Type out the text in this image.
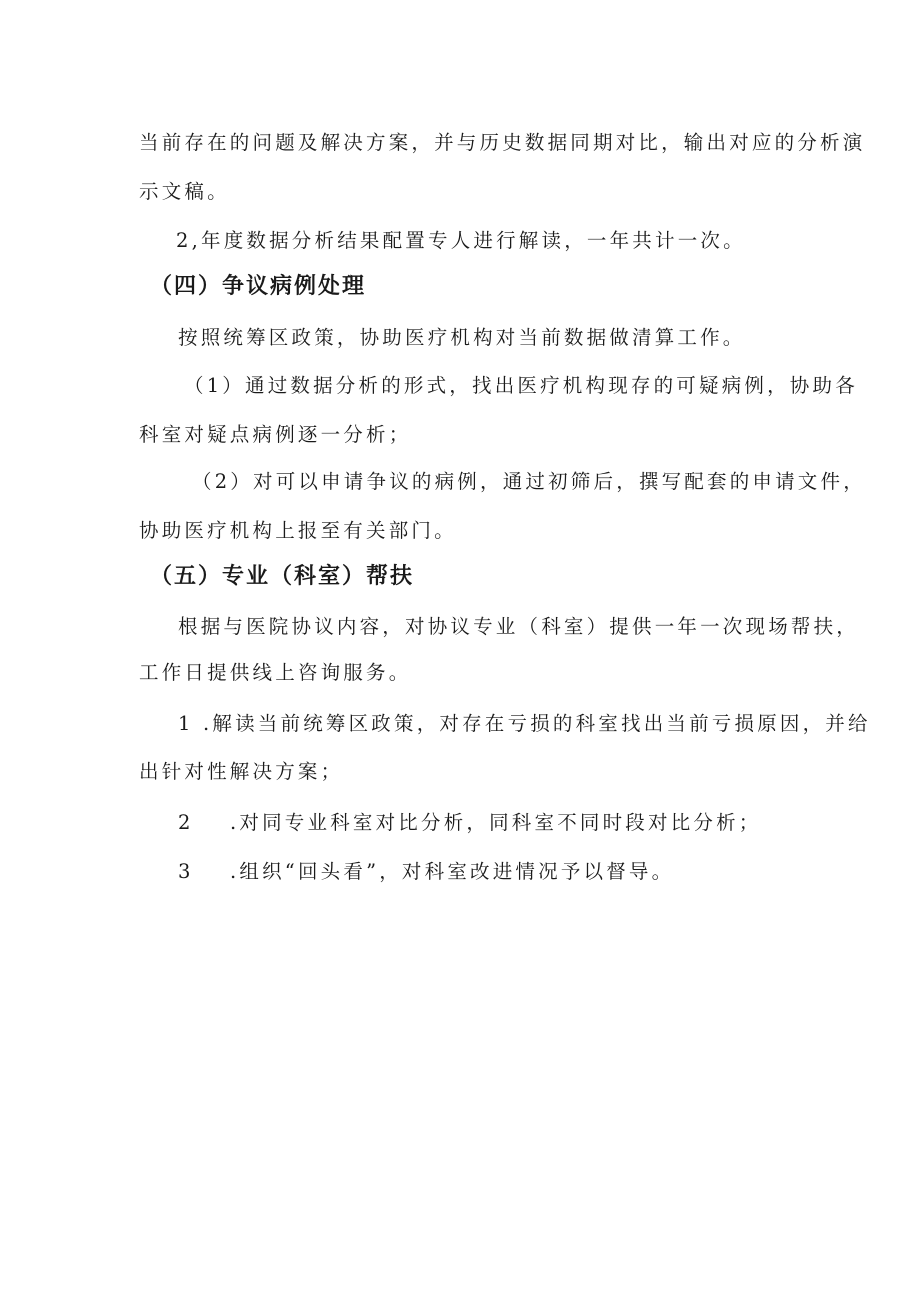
当前存在的问题及解决方案，并与历史数据同期对比，输出对应的分析演
示文稿。
2,年度数据分析结果配置专人进行解读，一年共计一次。
（四）争议病例处理
按照统筹区政策，协助医疗机构对当前数据做清算工作。
（1）通过数据分析的形式，找出医疗机构现存的可疑病例，协助各
科室对疑点病例逐一分析；
（2）对可以申请争议的病例，通过初筛后，撰写配套的申请文件，
协助医疗机构上报至有关部门。
（五）专业（科室）帮扶
根据与医院协议内容，对协议专业（科室）提供一年一次现场帮扶，
工作日提供线上咨询服务。
1 .解读当前统筹区政策，对存在亏损的科室找出当前亏损原因，并给
出针对性解决方案；
2 .对同专业科室对比分析，同科室不同时段对比分析；
3 .组织“回头看”，对科室改进情况予以督导。
